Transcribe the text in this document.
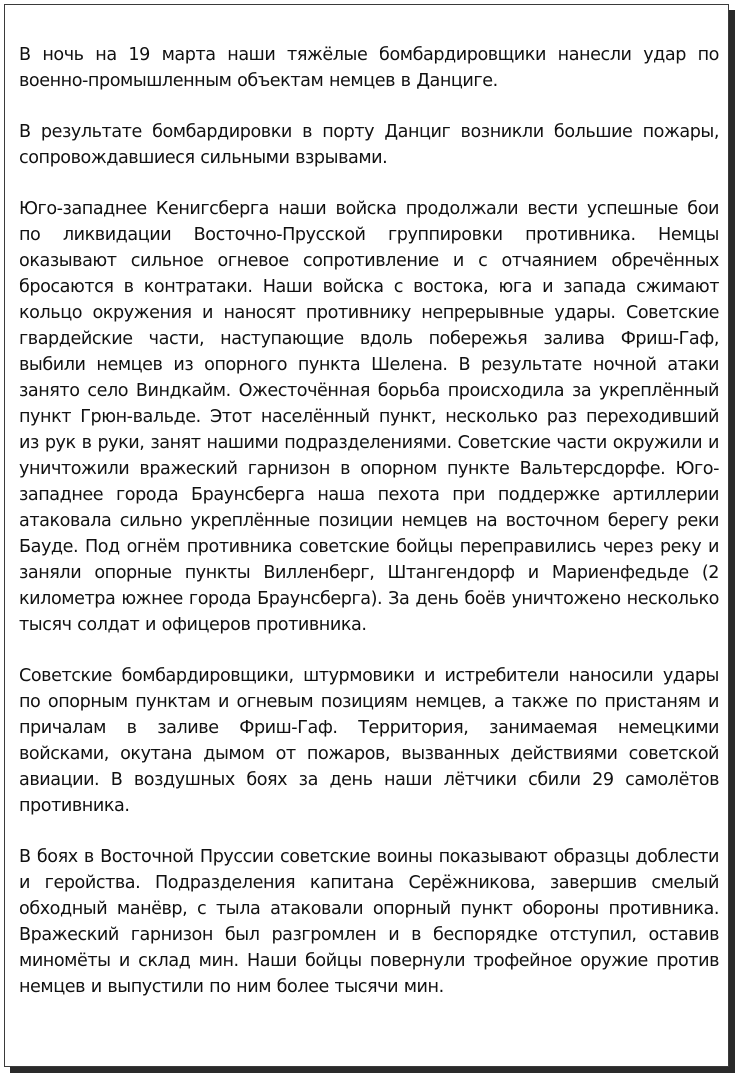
В ночь на 19 марта наши тяжёлые бомбардировщики нанесли удар по военно-промышленным объектам немцев в Данциге.

В результате бомбардировки в порту Данциг возникли большие пожары, сопровождавшиеся сильными взрывами.

Юго-западнее Кенигсберга наши войска продолжали вести успешные бои по ликвидации Восточно-Прусской группировки противника. Немцы оказывают сильное огневое сопротивление и с отчаянием обречённых бросаются в контратаки. Наши войска с востока, юга и запада сжимают кольцо окружения и наносят противнику непрерывные удары. Советские гвардейские части, наступающие вдоль побережья залива Фриш-Гаф, выбили немцев из опорного пункта Шелена. В результате ночной атаки занято село Виндкайм. Ожесточённая борьба происходила за укреплённый пункт Грюн-вальде. Этот населённый пункт, несколько раз переходивший из рук в руки, занят нашими подразделениями. Советские части окружили и уничтожили вражеский гарнизон в опорном пункте Вальтерсдорфе. Юго-западнее города Браунсберга наша пехота при поддержке артиллерии атаковала сильно укреплённые позиции немцев на восточном берегу реки Бауде. Под огнём противника советские бойцы переправились через реку и заняли опорные пункты Вилленберг, Штангендорф и Мариенфедьде (2 километра южнее города Браунсберга). За день боёв уничтожено несколько тысяч солдат и офицеров противника.

Советские бомбардировщики, штурмовики и истребители наносили удары по опорным пунктам и огневым позициям немцев, а также по пристаням и причалам в заливе Фриш-Гаф. Территория, занимаемая немецкими войсками, окутана дымом от пожаров, вызванных действиями советской авиации. В воздушных боях за день наши лётчики сбили 29 самолётов противника.

В боях в Восточной Пруссии советские воины показывают образцы доблести и геройства. Подразделения капитана Серёжникова, завершив смелый обходный манёвр, с тыла атаковали опорный пункт обороны противника. Вражеский гарнизон был разгромлен и в беспорядке отступил, оставив миномёты и склад мин. Наши бойцы повернули трофейное оружие против немцев и выпустили по ним более тысячи мин.
